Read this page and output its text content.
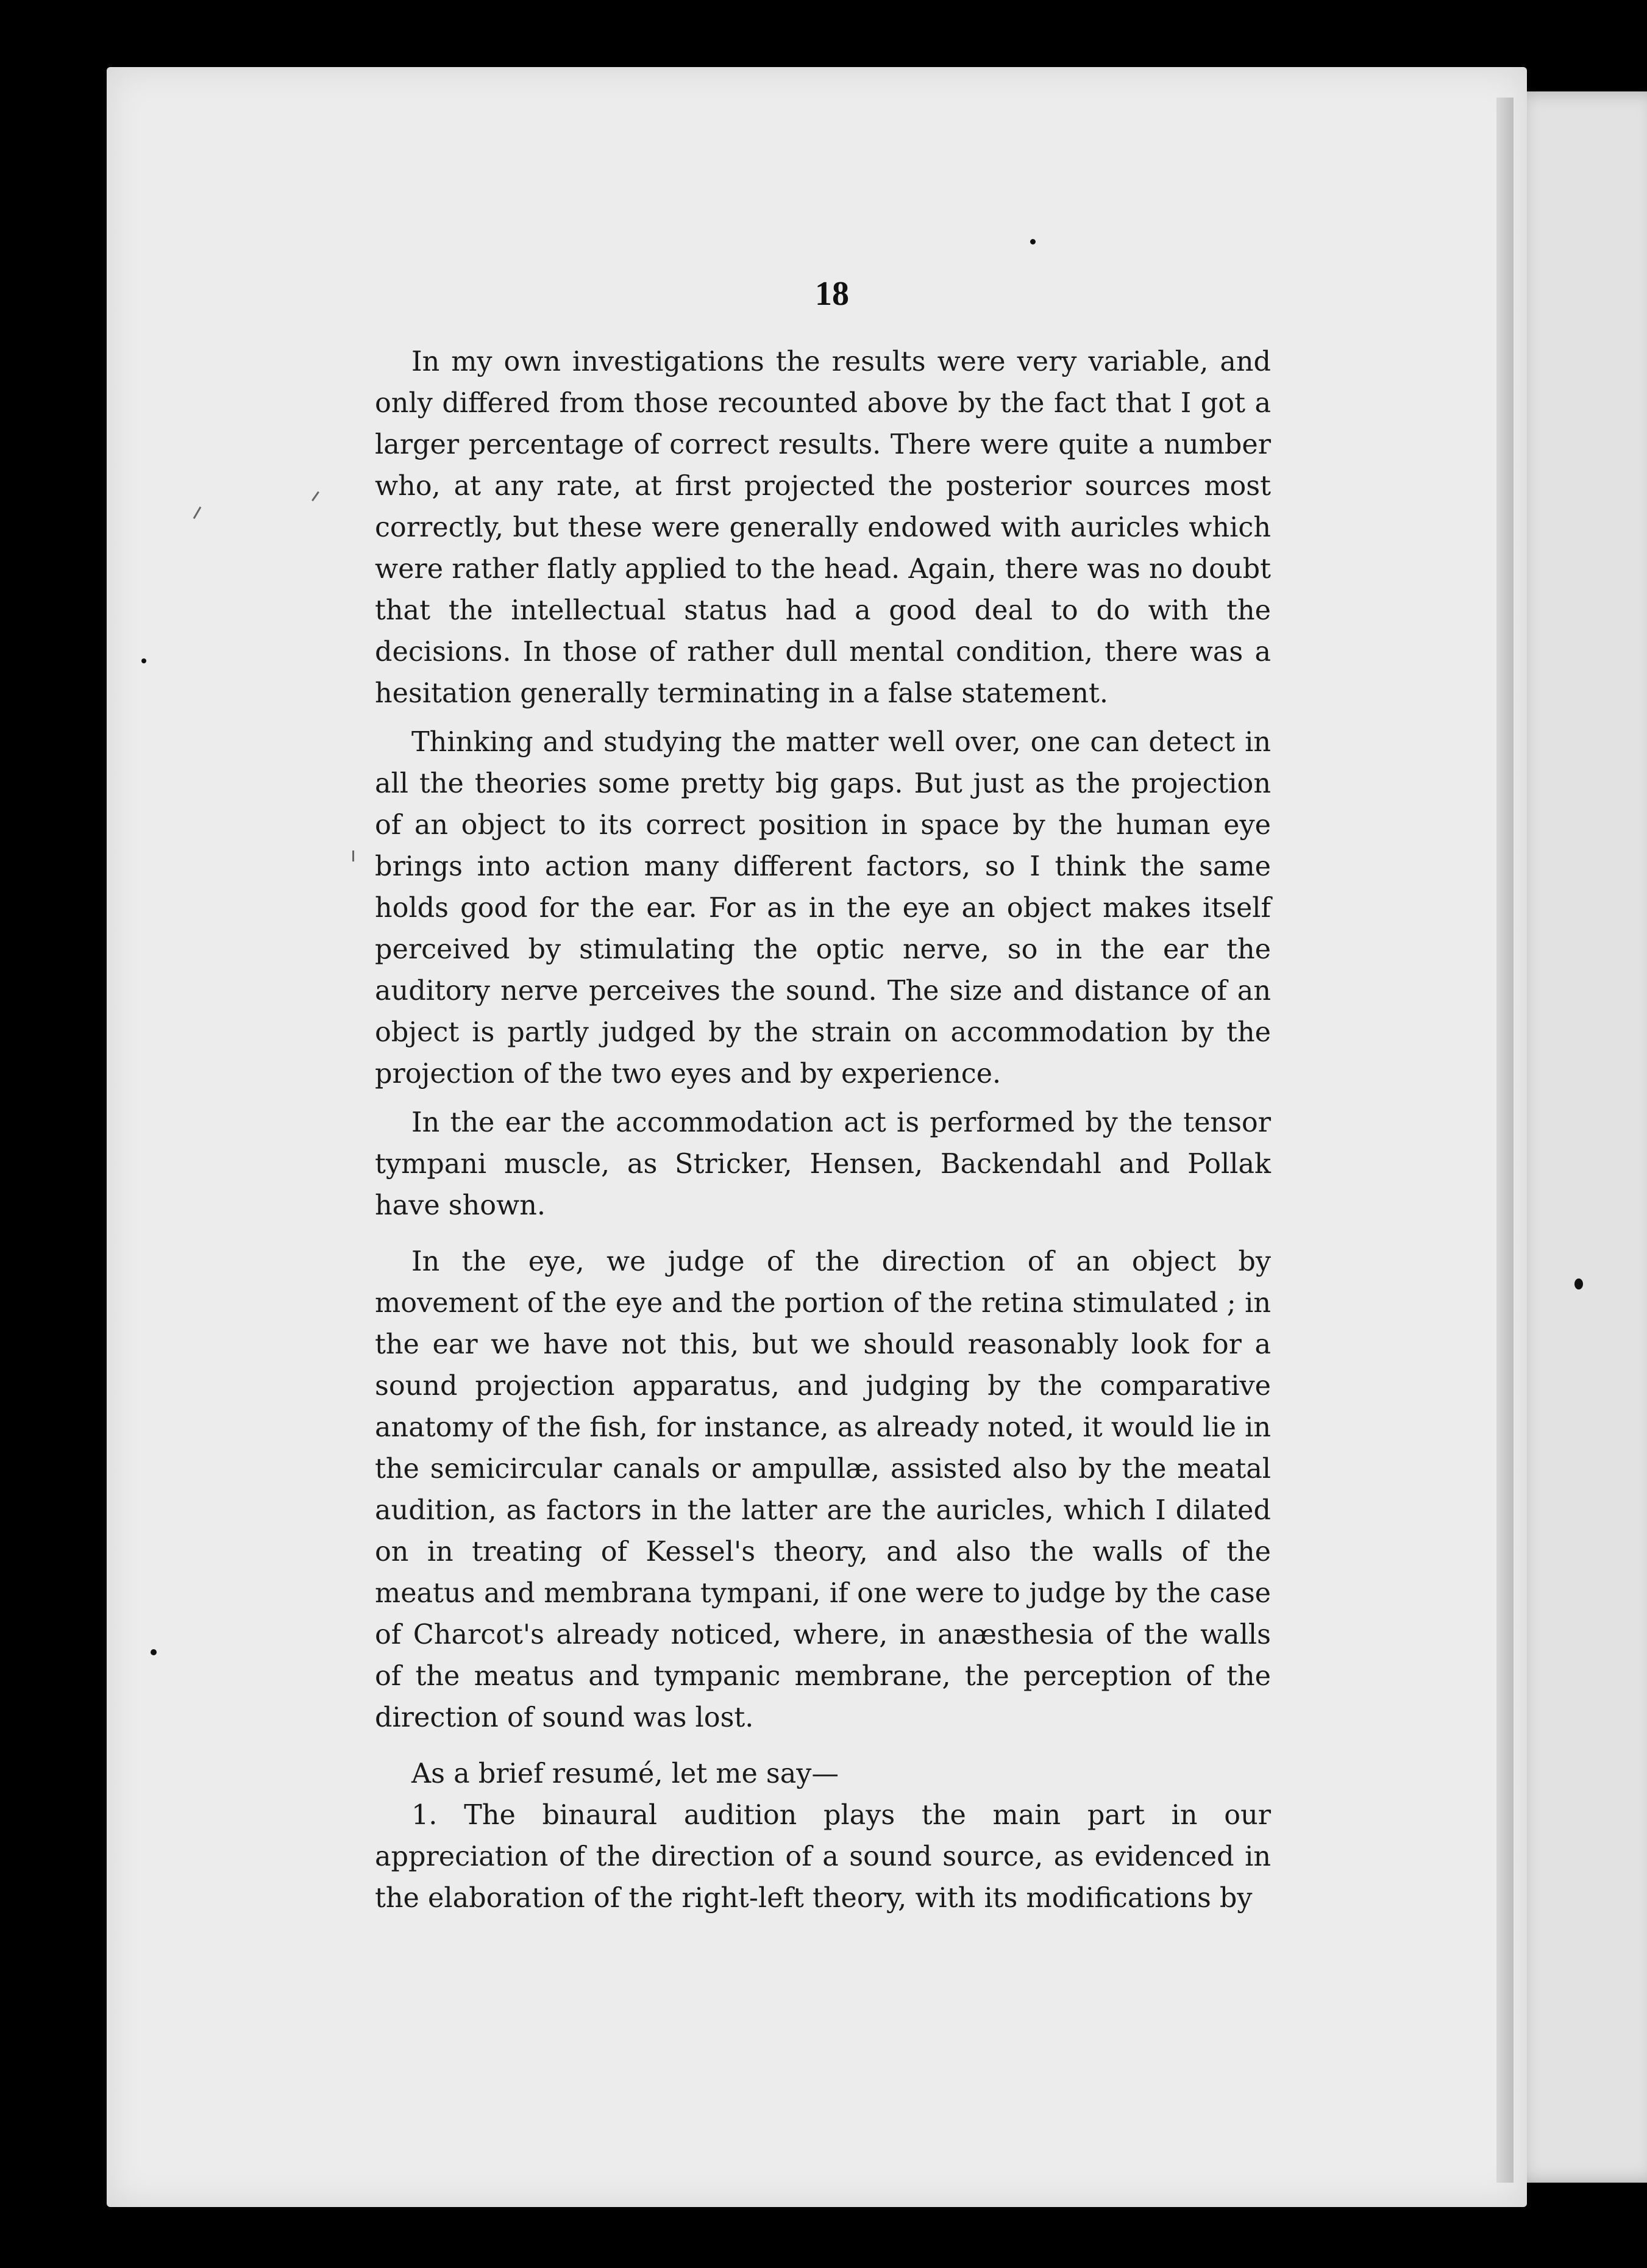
18

In my own investigations the results were very variable, and only differed from those recounted above by the fact that I got a larger percentage of correct results. There were quite a number who, at any rate, at first projected the posterior sources most correctly, but these were generally endowed with auricles which were rather flatly applied to the head. Again, there was no doubt that the intellectual status had a good deal to do with the decisions. In those of rather dull mental condition, there was a hesitation generally terminating in a false statement.

Thinking and studying the matter well over, one can detect in all the theories some pretty big gaps. But just as the projection of an object to its correct position in space by the human eye brings into action many different factors, so I think the same holds good for the ear. For as in the eye an object makes itself perceived by stimulating the optic nerve, so in the ear the auditory nerve perceives the sound. The size and distance of an object is partly judged by the strain on accommodation by the projection of the two eyes and by experience.

In the ear the accommodation act is performed by the tensor tympani muscle, as Stricker, Hensen, Backendahl and Pollak have shown.

In the eye, we judge of the direction of an object by movement of the eye and the portion of the retina stimulated ; in the ear we have not this, but we should reasonably look for a sound projection apparatus, and judging by the comparative anatomy of the fish, for instance, as already noted, it would lie in the semicircular canals or ampullæ, assisted also by the meatal audition, as factors in the latter are the auricles, which I dilated on in treating of Kessel's theory, and also the walls of the meatus and membrana tympani, if one were to judge by the case of Charcot's already noticed, where, in anæsthesia of the walls of the meatus and tympanic membrane, the perception of the direction of sound was lost.

As a brief resumé, let me say—

1. The binaural audition plays the main part in our appreciation of the direction of a sound source, as evidenced in the elaboration of the right-left theory, with its modifications by
